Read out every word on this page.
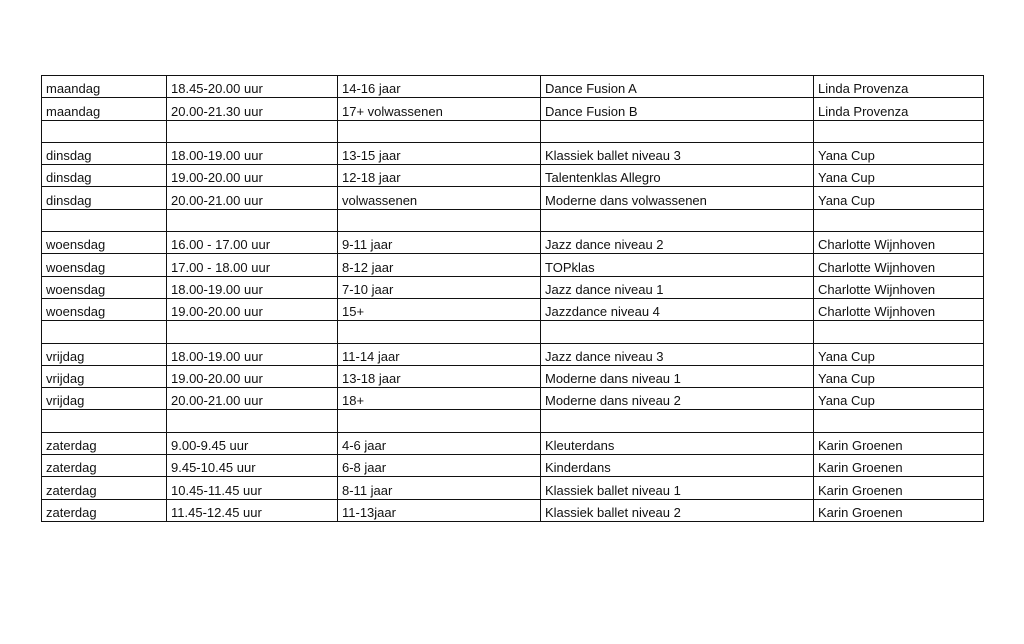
maandag	18.45-20.00 uur	14-16 jaar	Dance Fusion A	Linda Provenza
maandag	20.00-21.30 uur	17+ volwassenen	Dance Fusion B	Linda Provenza

dinsdag	18.00-19.00 uur	13-15 jaar	Klassiek ballet niveau 3	Yana Cup
dinsdag	19.00-20.00 uur	12-18 jaar	Talentenklas Allegro	Yana Cup
dinsdag	20.00-21.00 uur	volwassenen	Moderne dans volwassenen	Yana Cup

woensdag	16.00 - 17.00 uur	9-11 jaar	Jazz dance niveau 2	Charlotte Wijnhoven
woensdag	17.00 - 18.00 uur	8-12 jaar	TOPklas	Charlotte Wijnhoven
woensdag	18.00-19.00 uur	7-10 jaar	Jazz dance niveau 1	Charlotte Wijnhoven
woensdag	19.00-20.00 uur	15+	Jazzdance niveau 4	Charlotte Wijnhoven

vrijdag	18.00-19.00 uur	11-14 jaar	Jazz dance niveau 3	Yana Cup
vrijdag	19.00-20.00 uur	13-18 jaar	Moderne dans niveau 1	Yana Cup
vrijdag	20.00-21.00 uur	18+	Moderne dans niveau 2	Yana Cup

zaterdag	9.00-9.45 uur	4-6 jaar	Kleuterdans	Karin Groenen
zaterdag	9.45-10.45 uur	6-8 jaar	Kinderdans	Karin Groenen
zaterdag	10.45-11.45 uur	8-11 jaar	Klassiek ballet niveau 1	Karin Groenen
zaterdag	11.45-12.45 uur	11-13jaar	Klassiek ballet niveau 2	Karin Groenen
